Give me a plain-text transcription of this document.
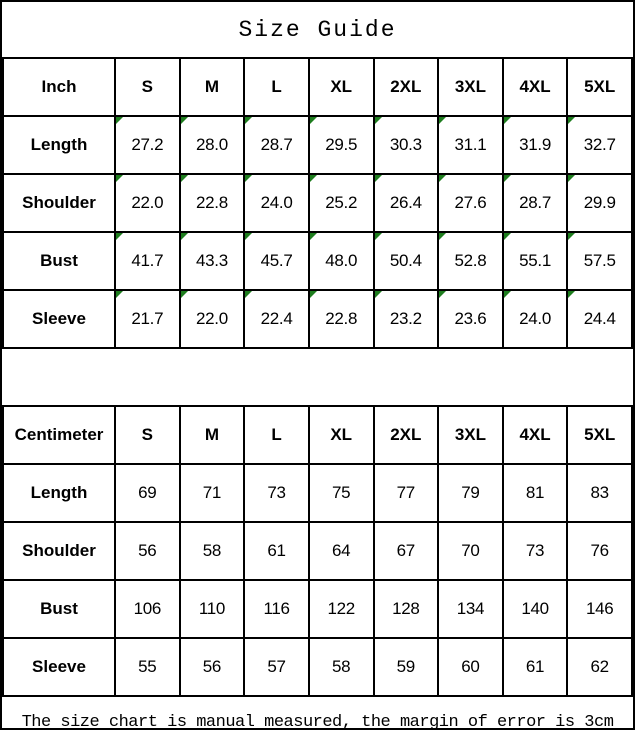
Size Guide
Inch	S	M	L	XL	2XL	3XL	4XL	5XL
Length	27.2	28.0	28.7	29.5	30.3	31.1	31.9	32.7
Shoulder	22.0	22.8	24.0	25.2	26.4	27.6	28.7	29.9
Bust	41.7	43.3	45.7	48.0	50.4	52.8	55.1	57.5
Sleeve	21.7	22.0	22.4	22.8	23.2	23.6	24.0	24.4
Centimeter	S	M	L	XL	2XL	3XL	4XL	5XL
Length	69	71	73	75	77	79	81	83
Shoulder	56	58	61	64	67	70	73	76
Bust	106	110	116	122	128	134	140	146
Sleeve	55	56	57	58	59	60	61	62
The size chart is manual measured, the margin of error is 3cm
